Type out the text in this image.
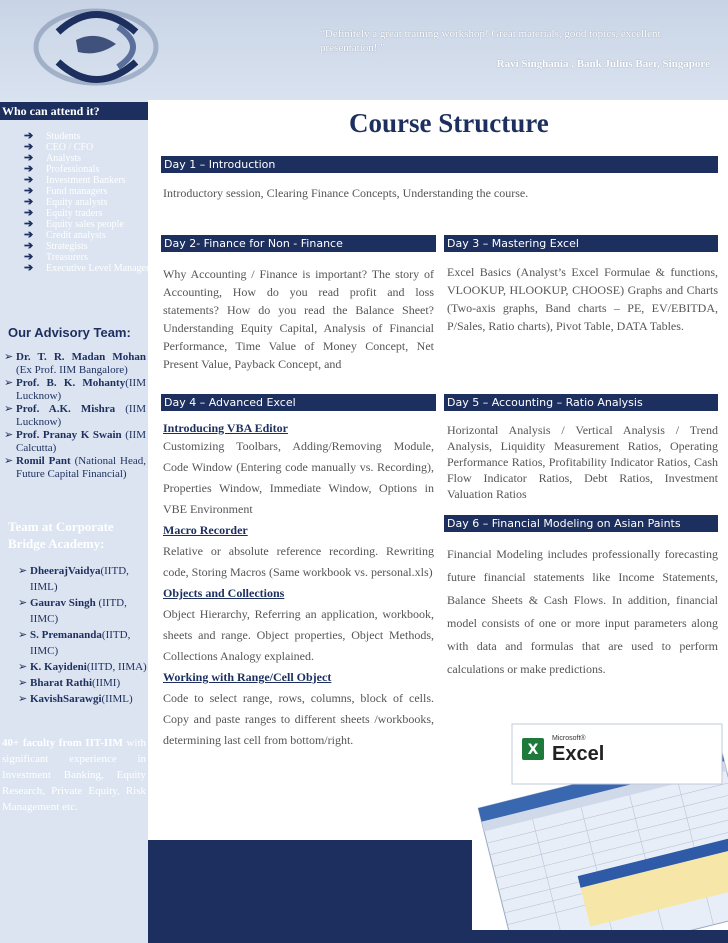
“Definitely a great training workshop! Great materials, good topics, excellent presentation! ”
Ravi Singhania , Bank Julius Baer, Singapore
Who can attend it?
➔ Students
➔ CEO / CFO
➔ Analysts
➔ Professionals
➔ Investment Bankers
➔ Fund managers
➔ Equity analysts
➔ Equity traders
➔ Equity sales people
➔ Credit analysts
➔ Strategists
➔ Treasurers
➔ Executive Level Managers
Our Advisory Team:
➢ Dr. T. R. Madan Mohan (Ex Prof. IIM Bangalore)
➢ Prof. B. K. Mohanty(IIM Lucknow)
➢ Prof. A.K. Mishra (IIM Lucknow)
➢ Prof. Pranay K Swain (IIM Calcutta)
➢ Romil Pant (National Head, Future Capital Financial)
Team at Corporate Bridge Academy:
➢ DheerajVaidya(IITD, IIML)
➢ Gaurav Singh (IITD, IIMC)
➢ S. Premananda(IITD, IIMC)
➢ K. Kayideni(IITD, IIMA)
➢ Bharat Rathi(IIMI)
➢ KavishSarawgi(IIML)
40+ faculty from IIT-IIM with significant experience in Investment Banking, Equity Research, Private Equity, Risk Management etc.
Course Structure
Day 1 – Introduction
Introductory session, Clearing Finance Concepts, Understanding the course.
Day 2- Finance for Non - Finance
Why Accounting / Finance is important? The story of Accounting, How do you read profit and loss statements? How do you read the Balance Sheet? Understanding Equity Capital, Analysis of Financial Performance, Time Value of Money Concept, Net Present Value, Payback Concept, and
Day 3 – Mastering Excel
Excel Basics (Analyst’s Excel Formulae & functions, VLOOKUP, HLOOKUP, CHOOSE) Graphs and Charts (Two-axis graphs, Band charts – PE, EV/EBITDA, P/Sales, Ratio charts), Pivot Table, DATA Tables.
Day 4 – Advanced Excel
Introducing VBA Editor
Customizing Toolbars, Adding/Removing Module, Code Window (Entering code manually vs. Recording), Properties Window, Immediate Window, Options in VBE Environment
Macro Recorder
Relative or absolute reference recording. Rewriting code, Storing Macros (Same workbook vs. personal.xls)
Objects and Collections
Object Hierarchy, Referring an application, workbook, sheets and range. Object properties, Object Methods, Collections Analogy explained.
Working with Range/Cell Object
Code to select range, rows, columns, block of cells. Copy and paste ranges to different sheets /workbooks, determining last cell from bottom/right.
Day 5 – Accounting – Ratio Analysis
Horizontal Analysis / Vertical Analysis / Trend Analysis, Liquidity Measurement Ratios, Operating Performance Ratios, Profitability Indicator Ratios, Cash Flow Indicator Ratios, Debt Ratios, Investment Valuation Ratios
Day 6 – Financial Modeling on Asian Paints
Financial Modeling includes professionally forecasting future financial statements like Income Statements, Balance Sheets & Cash Flows. In addition, financial model consists of one or more input parameters along with data and formulas that are used to perform calculations or make predictions.
X
Microsoft®
Excel
